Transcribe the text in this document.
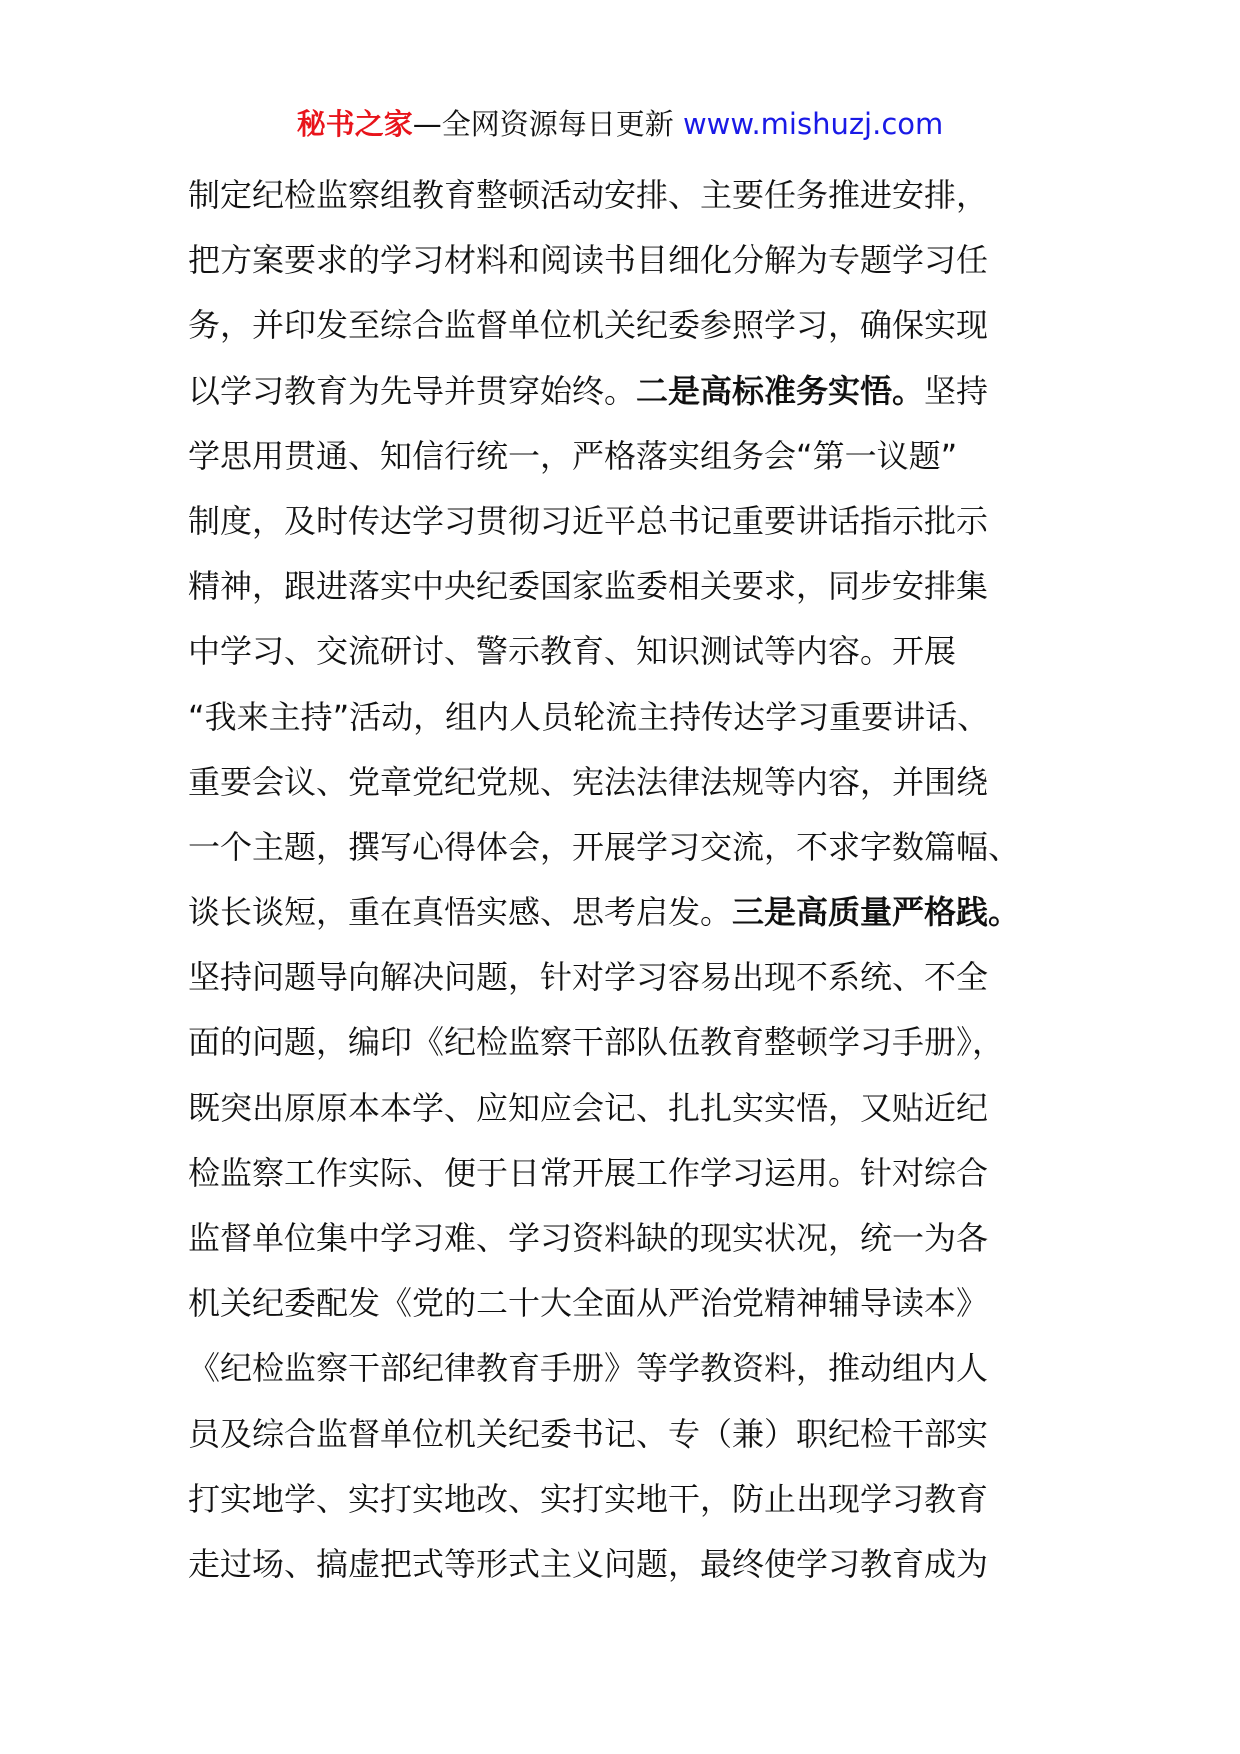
秘书之家—全网资源每日更新 www.mishuzj.com
制定纪检监察组教育整顿活动安排、主要任务推进安排，
把方案要求的学习材料和阅读书目细化分解为专题学习任
务，并印发至综合监督单位机关纪委参照学习，确保实现
以学习教育为先导并贯穿始终。二是高标准务实悟。坚持
学思用贯通、知信行统一，严格落实组务会“第一议题”
制度，及时传达学习贯彻习近平总书记重要讲话指示批示
精神，跟进落实中央纪委国家监委相关要求，同步安排集
中学习、交流研讨、警示教育、知识测试等内容。开展
“我来主持”活动，组内人员轮流主持传达学习重要讲话、
重要会议、党章党纪党规、宪法法律法规等内容，并围绕
一个主题，撰写心得体会，开展学习交流，不求字数篇幅、
谈长谈短，重在真悟实感、思考启发。三是高质量严格践。
坚持问题导向解决问题，针对学习容易出现不系统、不全
面的问题，编印《纪检监察干部队伍教育整顿学习手册》，
既突出原原本本学、应知应会记、扎扎实实悟，又贴近纪
检监察工作实际、便于日常开展工作学习运用。针对综合
监督单位集中学习难、学习资料缺的现实状况，统一为各
机关纪委配发《党的二十大全面从严治党精神辅导读本》
《纪检监察干部纪律教育手册》等学教资料，推动组内人
员及综合监督单位机关纪委书记、专（兼）职纪检干部实
打实地学、实打实地改、实打实地干，防止出现学习教育
走过场、搞虚把式等形式主义问题，最终使学习教育成为
